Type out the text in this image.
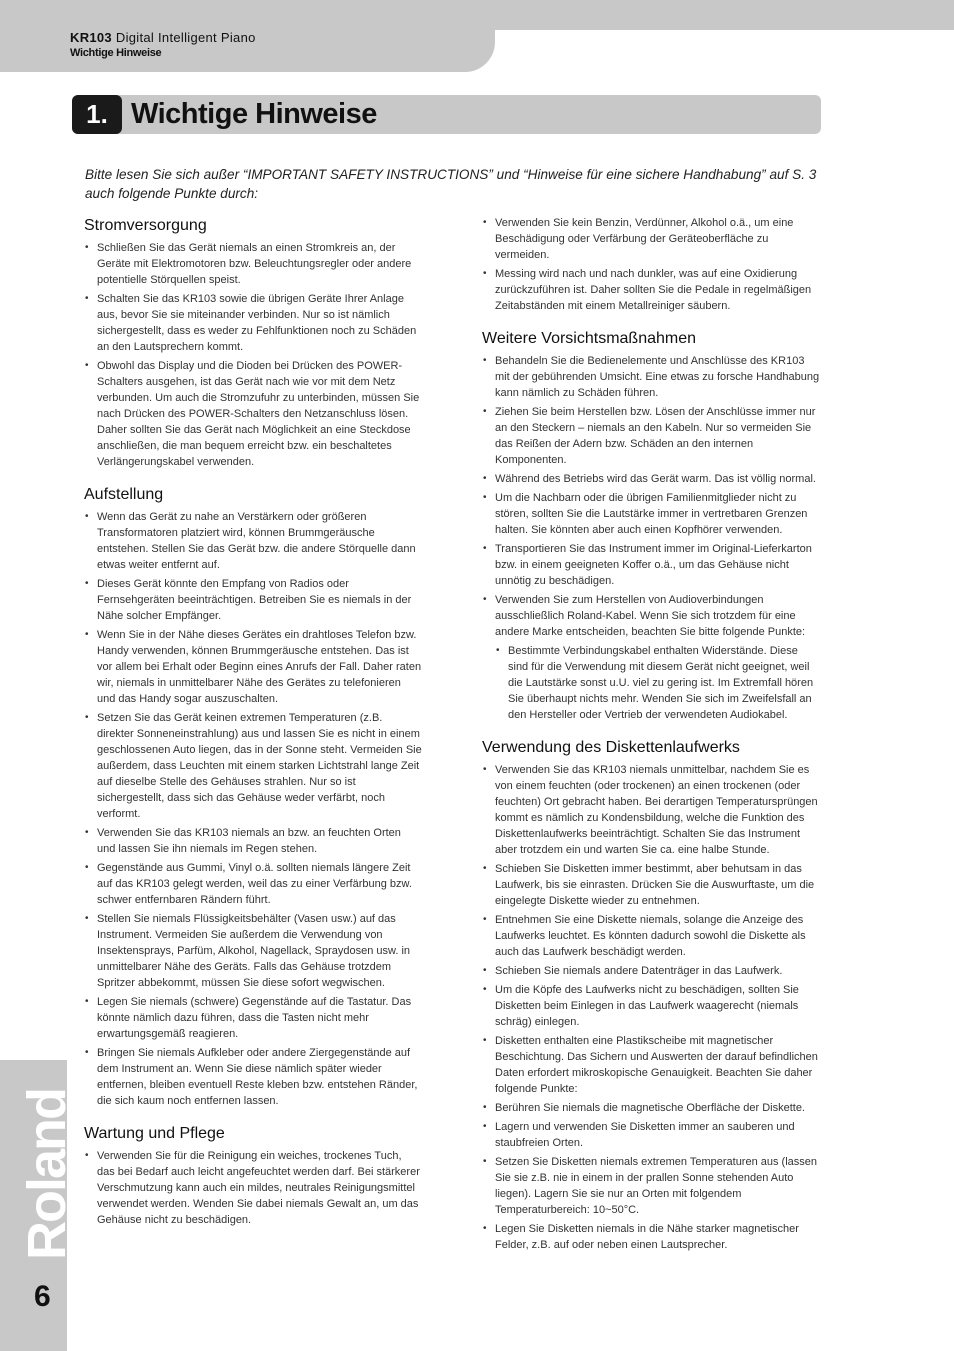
KR103 Digital Intelligent Piano
Wichtige Hinweise
1. Wichtige Hinweise
Bitte lesen Sie sich außer “IMPORTANT SAFETY INSTRUCTIONS” und “Hinweise für eine sichere Handhabung” auf S. 3 auch folgende Punkte durch:
Stromversorgung
• Schließen Sie das Gerät niemals an einen Stromkreis an, der Geräte mit Elektromotoren bzw. Beleuchtungsregler oder andere potentielle Störquellen speist.
• Schalten Sie das KR103 sowie die übrigen Geräte Ihrer Anlage aus, bevor Sie sie miteinander verbinden. Nur so ist nämlich sichergestellt, dass es weder zu Fehlfunktionen noch zu Schäden an den Lautsprechern kommt.
• Obwohl das Display und die Dioden bei Drücken des POWER-Schalters ausgehen, ist das Gerät nach wie vor mit dem Netz verbunden. Um auch die Stromzufuhr zu unterbinden, müssen Sie nach Drücken des POWER-Schalters den Netzanschluss lösen. Daher sollten Sie das Gerät nach Möglichkeit an eine Steckdose anschließen, die man bequem erreicht bzw. ein beschaltetes Verlängerungskabel verwenden.
Aufstellung
• Wenn das Gerät zu nahe an Verstärkern oder größeren Transformatoren platziert wird, können Brummgeräusche entstehen. Stellen Sie das Gerät bzw. die andere Störquelle dann etwas weiter entfernt auf.
• Dieses Gerät könnte den Empfang von Radios oder Fernsehgeräten beeinträchtigen. Betreiben Sie es niemals in der Nähe solcher Empfänger.
• Wenn Sie in der Nähe dieses Gerätes ein drahtloses Telefon bzw. Handy verwenden, können Brummgeräusche entstehen. Das ist vor allem bei Erhalt oder Beginn eines Anrufs der Fall. Daher raten wir, niemals in unmittelbarer Nähe des Gerätes zu telefonieren und das Handy sogar auszuschalten.
• Setzen Sie das Gerät keinen extremen Temperaturen (z.B. direkter Sonneneinstrahlung) aus und lassen Sie es nicht in einem geschlossenen Auto liegen, das in der Sonne steht. Vermeiden Sie außerdem, dass Leuchten mit einem starken Lichtstrahl lange Zeit auf dieselbe Stelle des Gehäuses strahlen. Nur so ist sichergestellt, dass sich das Gehäuse weder verfärbt, noch verformt.
• Verwenden Sie das KR103 niemals an bzw. an feuchten Orten und lassen Sie ihn niemals im Regen stehen.
• Gegenstände aus Gummi, Vinyl o.ä. sollten niemals längere Zeit auf das KR103 gelegt werden, weil das zu einer Verfärbung bzw. schwer entfernbaren Rändern führt.
• Stellen Sie niemals Flüssigkeitsbehälter (Vasen usw.) auf das Instrument. Vermeiden Sie außerdem die Verwendung von Insektensprays, Parfüm, Alkohol, Nagellack, Spraydosen usw. in unmittelbarer Nähe des Geräts. Falls das Gehäuse trotzdem Spritzer abbekommt, müssen Sie diese sofort wegwischen.
• Legen Sie niemals (schwere) Gegenstände auf die Tastatur. Das könnte nämlich dazu führen, dass die Tasten nicht mehr erwartungsgemäß reagieren.
• Bringen Sie niemals Aufkleber oder andere Ziergegenstände auf dem Instrument an. Wenn Sie diese nämlich später wieder entfernen, bleiben eventuell Reste kleben bzw. entstehen Ränder, die sich kaum noch entfernen lassen.
Wartung und Pflege
• Verwenden Sie für die Reinigung ein weiches, trockenes Tuch, das bei Bedarf auch leicht angefeuchtet werden darf. Bei stärkerer Verschmutzung kann auch ein mildes, neutrales Reinigungsmittel verwendet werden. Wenden Sie dabei niemals Gewalt an, um das Gehäuse nicht zu beschädigen.
• Verwenden Sie kein Benzin, Verdünner, Alkohol o.ä., um eine Beschädigung oder Verfärbung der Geräteoberfläche zu vermeiden.
• Messing wird nach und nach dunkler, was auf eine Oxidierung zurückzuführen ist. Daher sollten Sie die Pedale in regelmäßigen Zeitabständen mit einem Metallreiniger säubern.
Weitere Vorsichtsmaßnahmen
• Behandeln Sie die Bedienelemente und Anschlüsse des KR103 mit der gebührenden Umsicht. Eine etwas zu forsche Handhabung kann nämlich zu Schäden führen.
• Ziehen Sie beim Herstellen bzw. Lösen der Anschlüsse immer nur an den Steckern – niemals an den Kabeln. Nur so vermeiden Sie das Reißen der Adern bzw. Schäden an den internen Komponenten.
• Während des Betriebs wird das Gerät warm. Das ist völlig normal.
• Um die Nachbarn oder die übrigen Familienmitglieder nicht zu stören, sollten Sie die Lautstärke immer in vertretbaren Grenzen halten. Sie könnten aber auch einen Kopfhörer verwenden.
• Transportieren Sie das Instrument immer im Original-Lieferkarton bzw. in einem geeigneten Koffer o.ä., um das Gehäuse nicht unnötig zu beschädigen.
• Verwenden Sie zum Herstellen von Audioverbindungen ausschließlich Roland-Kabel. Wenn Sie sich trotzdem für eine andere Marke entscheiden, beachten Sie bitte folgende Punkte:
• Bestimmte Verbindungskabel enthalten Widerstände. Diese sind für die Verwendung mit diesem Gerät nicht geeignet, weil die Lautstärke sonst u.U. viel zu gering ist. Im Extremfall hören Sie überhaupt nichts mehr. Wenden Sie sich im Zweifelsfall an den Hersteller oder Vertrieb der verwendeten Audiokabel.
Verwendung des Diskettenlaufwerks
• Verwenden Sie das KR103 niemals unmittelbar, nachdem Sie es von einem feuchten (oder trockenen) an einen trockenen (oder feuchten) Ort gebracht haben. Bei derartigen Temperatursprüngen kommt es nämlich zu Kondensbildung, welche die Funktion des Diskettenlaufwerks beeinträchtigt. Schalten Sie das Instrument aber trotzdem ein und warten Sie ca. eine halbe Stunde.
• Schieben Sie Disketten immer bestimmt, aber behutsam in das Laufwerk, bis sie einrasten. Drücken Sie die Auswurftaste, um die eingelegte Diskette wieder zu entnehmen.
• Entnehmen Sie eine Diskette niemals, solange die Anzeige des Laufwerks leuchtet. Es könnten dadurch sowohl die Diskette als auch das Laufwerk beschädigt werden.
• Schieben Sie niemals andere Datenträger in das Laufwerk.
• Um die Köpfe des Laufwerks nicht zu beschädigen, sollten Sie Disketten beim Einlegen in das Laufwerk waagerecht (niemals schräg) einlegen.
• Disketten enthalten eine Plastikscheibe mit magnetischer Beschichtung. Das Sichern und Auswerten der darauf befindlichen Daten erfordert mikroskopische Genauigkeit. Beachten Sie daher folgende Punkte:
• Berühren Sie niemals die magnetische Oberfläche der Diskette.
• Lagern und verwenden Sie Disketten immer an sauberen und staubfreien Orten.
• Setzen Sie Disketten niemals extremen Temperaturen aus (lassen Sie sie z.B. nie in einem in der prallen Sonne stehenden Auto liegen). Lagern Sie sie nur an Orten mit folgendem Temperaturbereich: 10~50°C.
• Legen Sie Disketten niemals in die Nähe starker magnetischer Felder, z.B. auf oder neben einen Lautsprecher.
Roland
6
